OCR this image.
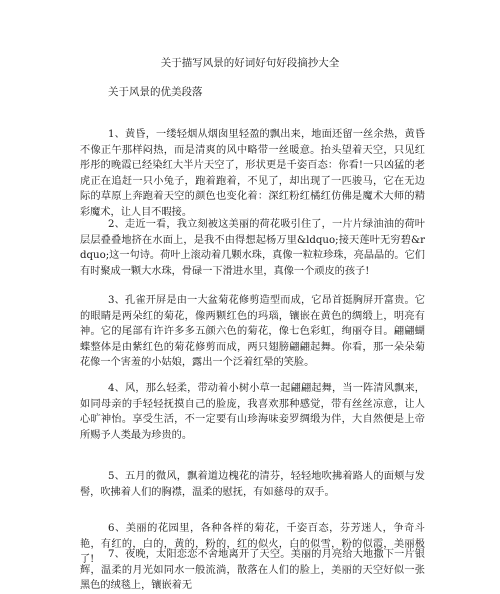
关于描写风景的好词好句好段摘抄大全
关于风景的优美段落

1、黄昏，一缕轻烟从烟囱里轻盈的飘出来，地面还留一丝余热，黄昏不像正午那样闷热，而是清爽的风中略带一丝暖意。抬头望着天空，只见红彤彤的晚霞已经染红大半片天空了，形状更是千姿百态：你看!一只凶猛的老虎正在追赶一只小兔子，跑着跑着，不见了，却出现了一匹骏马，它在无边际的草原上奔跑着天空的颜色也变化着：深红粉红橘红仿佛是魔术大师的精彩魔术，让人目不暇接。

2、走近一看，我立刻被这美丽的荷花吸引住了，一片片绿油油的荷叶层层叠叠地挤在水面上，是我不由得想起杨万里&ldquo;接天莲叶无穷碧&rdquo;这一句诗。荷叶上滚动着几颗水珠，真像一粒粒珍珠，亮晶晶的。它们有时聚成一颗大水珠，骨碌一下滑进水里，真像一个顽皮的孩子!

3、孔雀开屏是由一大盆菊花修剪造型而成，它昂首挺胸屏开富贵。它的眼睛是两朵红的菊花，像两颗红色的玛瑙，镶嵌在黄色的绸缎上，明亮有神。它的尾部有许许多多五颜六色的菊花，像七色彩虹，绚丽夺目。翩翩蝴蝶整体是由紫红色的菊花修剪而成，两只翅膀翩翩起舞。你看，那一朵朵菊花像一个害羞的小姑娘，露出一个泛着红晕的笑脸。

4、风，那么轻柔，带动着小树小草一起翩翩起舞，当一阵清风飘来，如同母亲的手轻轻抚摸自己的脸庞，我喜欢那种感觉，带有丝丝凉意，让人心旷神怡。享受生活，不一定要有山珍海味妾罗绸缎为伴，大自然便是上帝所赐予人类最为珍贵的。

5、五月的微风，飘着道边槐花的清芬，轻轻地吹拂着路人的面颊与发髻，吹拂着人们的胸襟，温柔的慰抚，有如慈母的双手。

6、美丽的花园里，各种各样的菊花，千姿百态，芬芳迷人，争奇斗艳，有红的，白的，黄的，粉的，红的似火，白的似雪，粉的似霞，美丽极了!	7、夜晚，太阳恋恋不舍地离开了天空。美丽的月亮给大地撒下一片银辉，温柔的月光如同水一般流淌，散落在人们的脸上，美丽的天空好似一张黑色的绒毯上，镶嵌着无
